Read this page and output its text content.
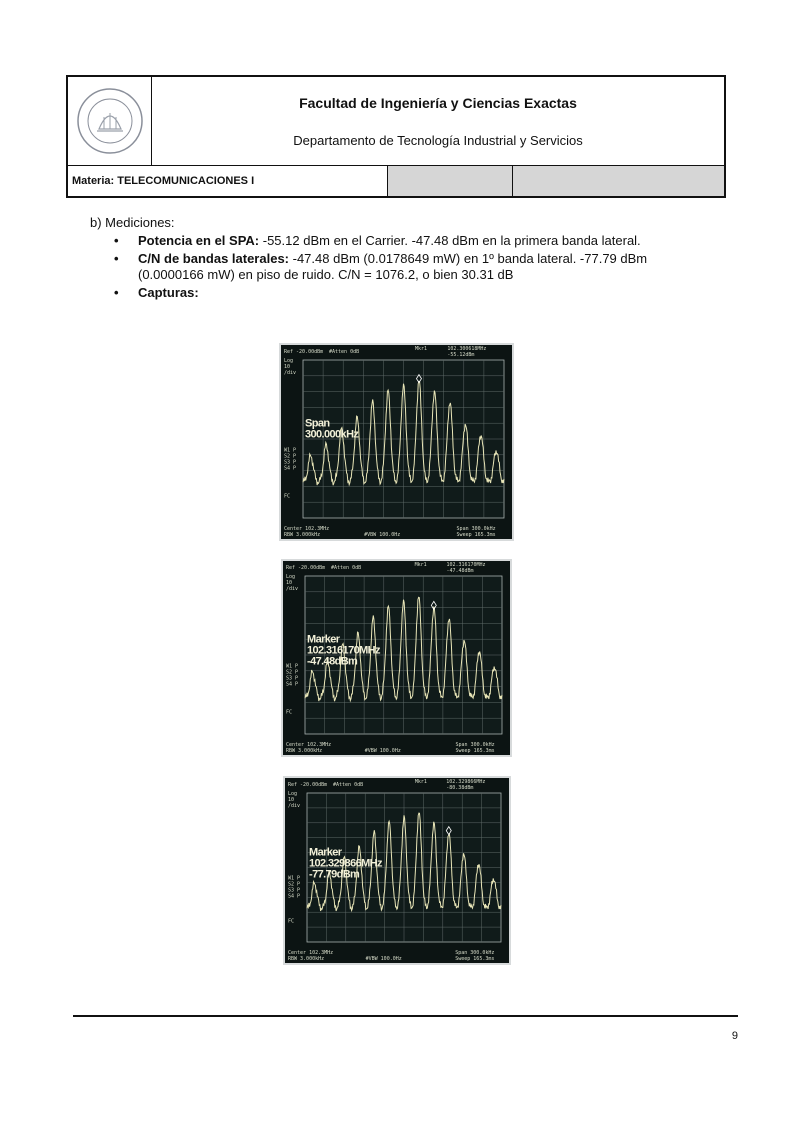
Facultad de Ingeniería y Ciencias Exactas
Departamento de Tecnología Industrial y Servicios
Materia: TELECOMUNICACIONES I
b) Mediciones:
• Potencia en el SPA: -55.12 dBm en el Carrier. -47.48 dBm en la primera banda lateral.
• C/N de bandas laterales: -47.48 dBm (0.0178649 mW) en 1º banda lateral. -77.79 dBm (0.0000166 mW) en piso de ruido. C/N = 1076.2, o bien 30.31 dB
• Capturas:
Ref -20.00dBm #Atten 0dB	Mkr1	102.300618MHz
-55.12dBm
Log
10
/div
W1 P
S2 P
S3 P
S4 P
FC
Center 102.3MHz
RBW 3.000kHz	#VBW 100.0Hz
Span 300.0kHz
Sweep 165.3ms
Span
300.000kHz
Ref -20.00dBm #Atten 0dB	Mkr1	102.316170MHz
-47.48dBm
Log
10
/div
W1 P
S2 P
S3 P
S4 P
FC
Center 102.3MHz
RBW 3.000kHz	#VBW 100.0Hz
Span 300.0kHz
Sweep 165.3ms
Marker
102.316170MHz
-47.48dBm
Ref -20.00dBm #Atten 0dB	Mkr1	102.329866MHz
-80.38dBm
Log
10
/div
W1 P
S2 P
S3 P
S4 P
FC
Center 102.3MHz
RBW 3.000kHz	#VBW 100.0Hz
Span 300.0kHz
Sweep 165.3ms
Marker
102.329866MHz
-77.79dBm
9
